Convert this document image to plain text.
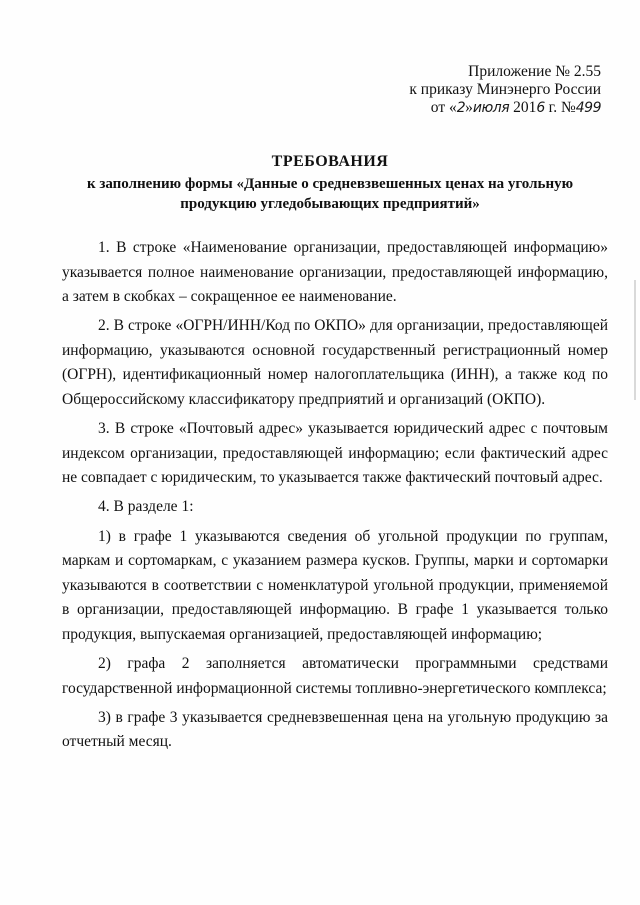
Приложение № 2.55
к приказу Минэнерго России
от «2»июля 2016 г. №499
ТРЕБОВАНИЯ
к заполнению формы «Данные о средневзвешенных ценах на угольную
продукцию угледобывающих предприятий»

1. В строке «Наименование организации, предоставляющей информацию» указывается полное наименование организации, предоставляющей информацию, а затем в скобках – сокращенное ее наименование.

2. В строке «ОГРН/ИНН/Код по ОКПО» для организации, предоставляющей информацию, указываются основной государственный регистрационный номер (ОГРН), идентификационный номер налогоплательщика (ИНН), а также код по Общероссийскому классификатору предприятий и организаций (ОКПО).

3. В строке «Почтовый адрес» указывается юридический адрес с почтовым индексом организации, предоставляющей информацию; если фактический адрес не совпадает с юридическим, то указывается также фактический почтовый адрес.

4. В разделе 1:

1) в графе 1 указываются сведения об угольной продукции по группам, маркам и сортомаркам, с указанием размера кусков. Группы, марки и сортомарки указываются в соответствии с номенклатурой угольной продукции, применяемой в организации, предоставляющей информацию. В графе 1 указывается только продукция, выпускаемая организацией, предоставляющей информацию;

2) графа 2 заполняется автоматически программными средствами государственной информационной системы топливно-энергетического комплекса;

3) в графе 3 указывается средневзвешенная цена на угольную продукцию за отчетный месяц.
